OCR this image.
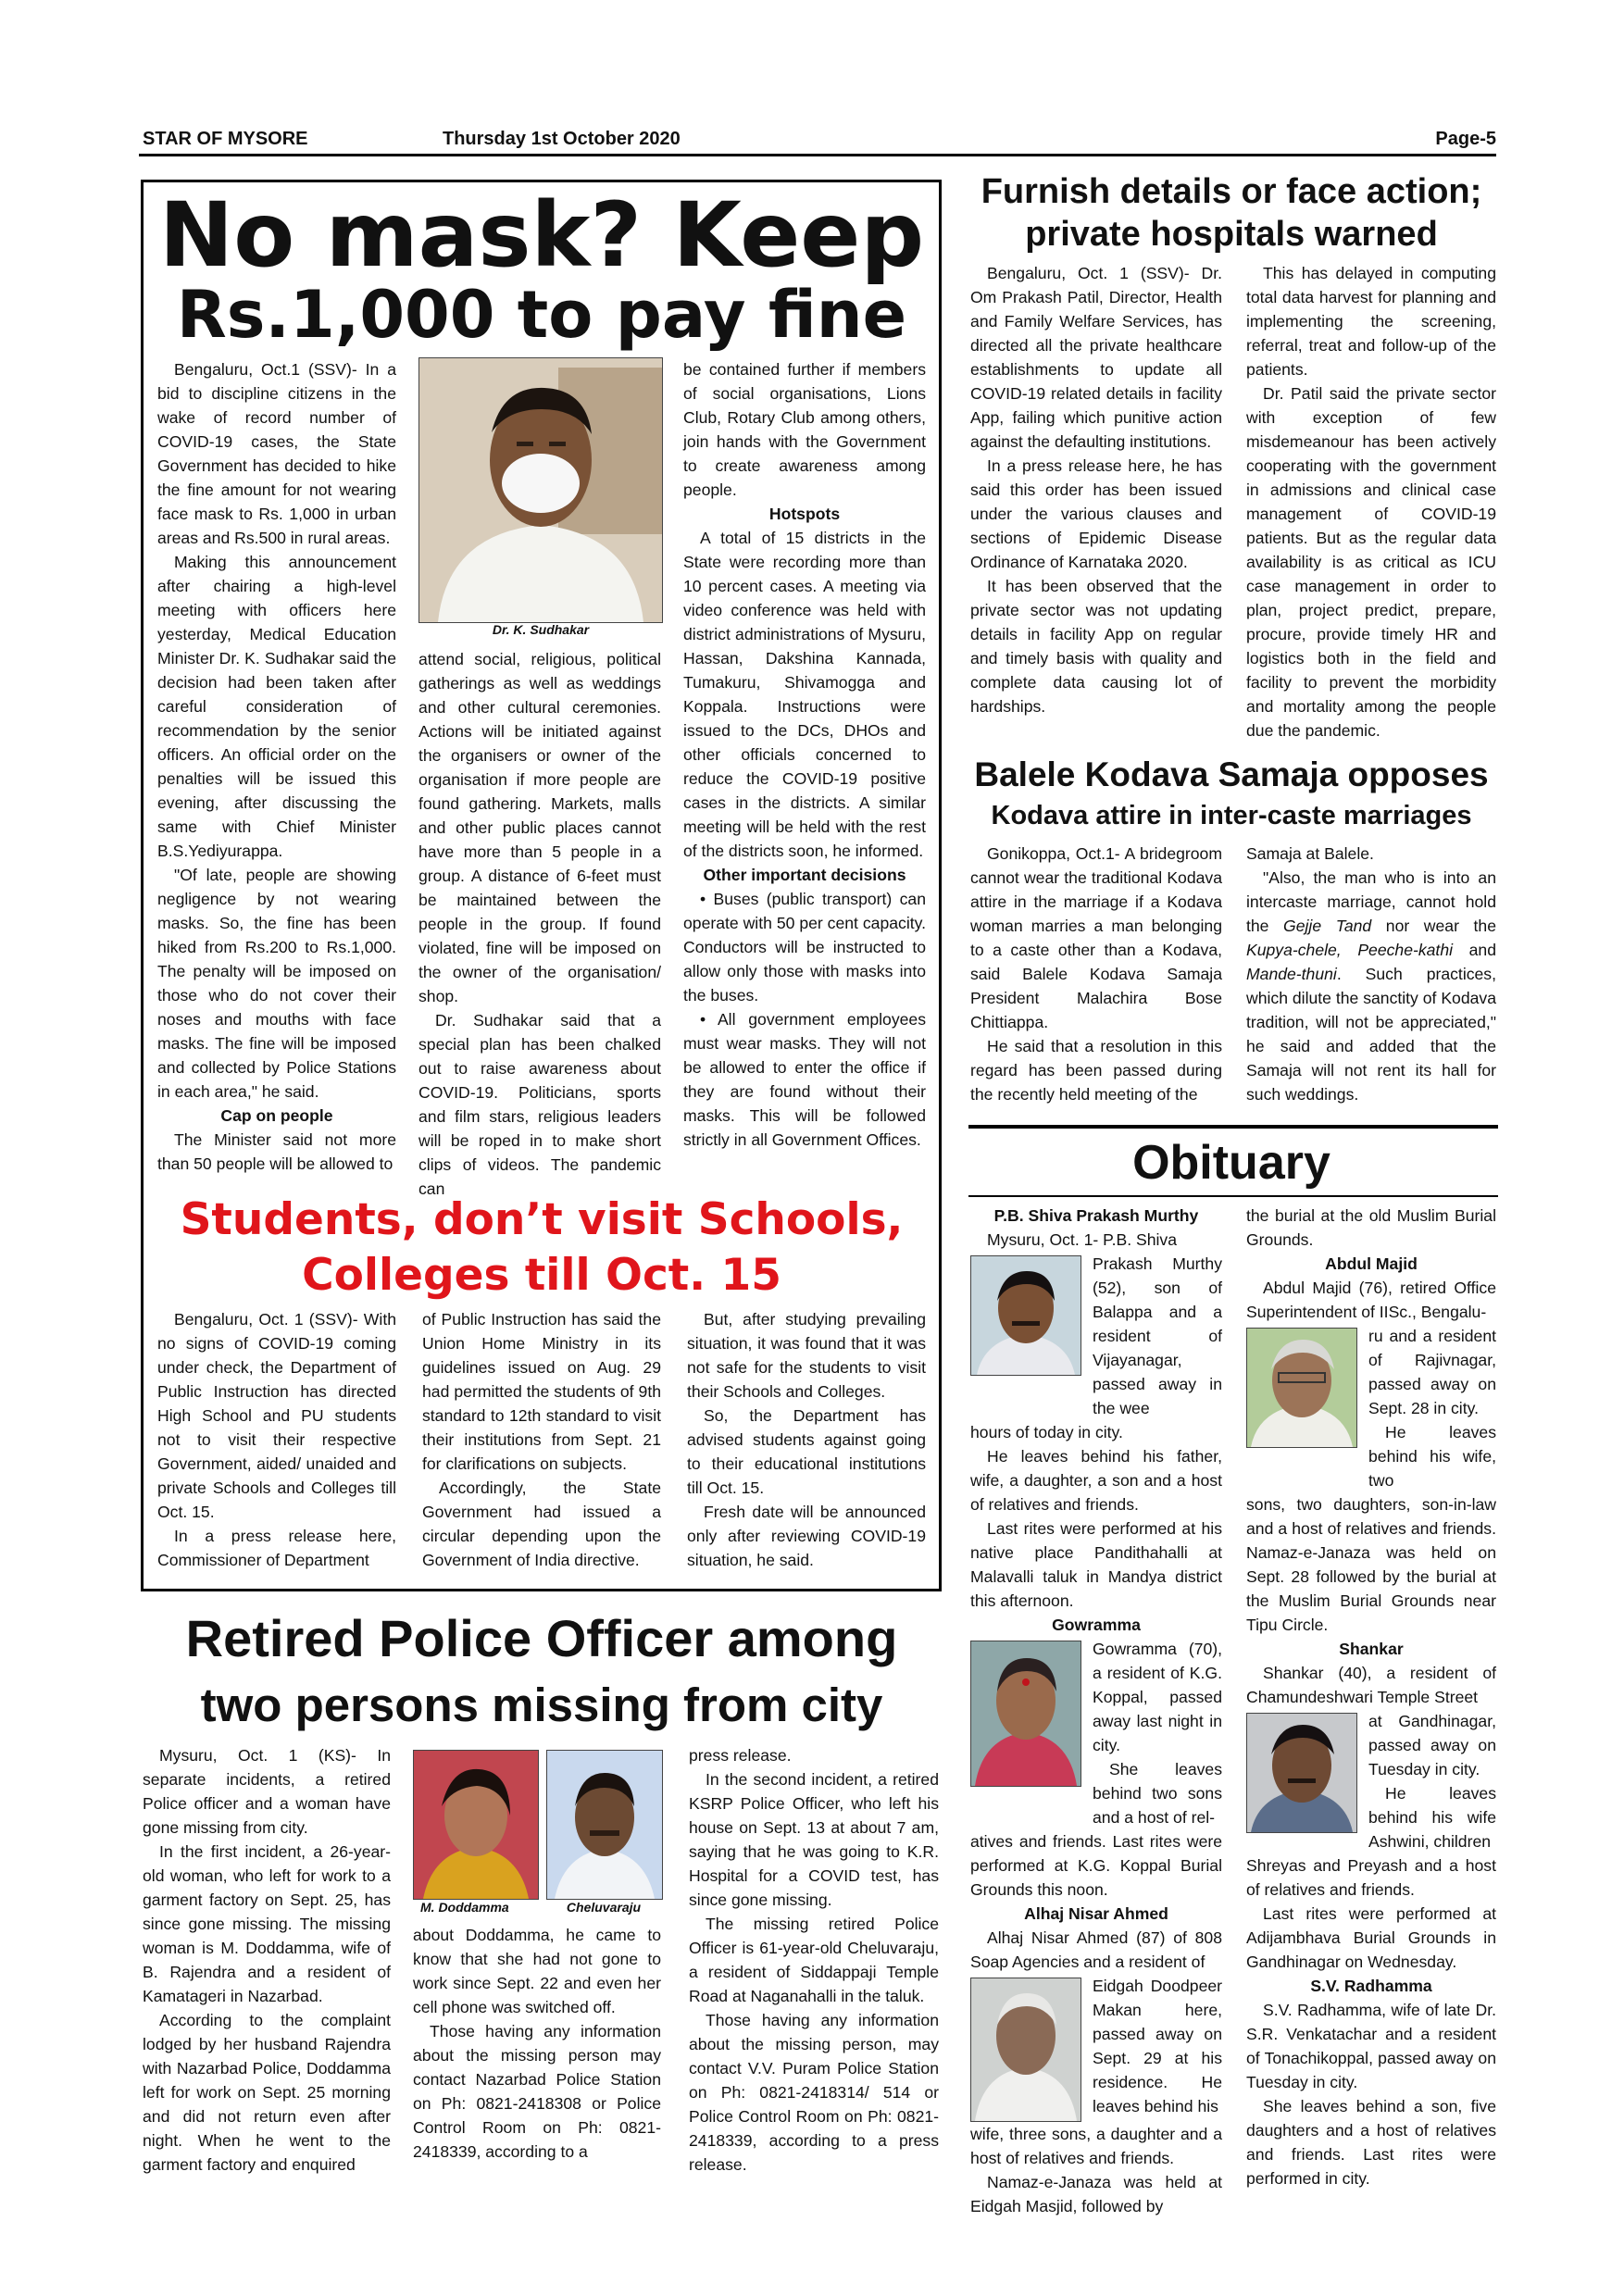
STAR OF MYSORE	Thursday 1st October 2020	Page-5
No mask? Keep
Rs.1,000 to pay fine

Bengaluru, Oct.1 (SSV)- In a bid to discipline citizens in the wake of record number of COVID-19 cases, the State Government has decided to hike the fine amount for not wearing face mask to Rs. 1,000 in urban areas and Rs.500 in rural areas.

Making this announcement after chairing a high-level meeting with officers here yesterday, Medical Education Minister Dr. K. Sudhakar said the decision had been taken after careful consideration of recommendation by the senior officers. An official order on the penalties will be issued this evening, after discussing the same with Chief Minister B.S.Yediyurappa.

"Of late, people are showing negligence by not wearing masks. So, the fine has been hiked from Rs.200 to Rs.1,000. The penalty will be imposed on those who do not cover their noses and mouths with face masks. The fine will be imposed and collected by Police Stations in each area," he said.

Cap on people

The Minister said not more than 50 people will be allowed to

Dr. K. Sudhakar

attend social, religious, political gatherings as well as weddings and other cultural ceremonies. Actions will be initiated against the organisers or owner of the organisation if more people are found gathering. Markets, malls and other public places cannot have more than 5 people in a group. A distance of 6-feet must be maintained between the people in the group. If found violated, fine will be imposed on the owner of the organisation/ shop.

Dr. Sudhakar said that a special plan has been chalked out to raise awareness about COVID-19. Politicians, sports and film stars, religious leaders will be roped in to make short clips of videos. The pandemic can

be contained further if members of social organisations, Lions Club, Rotary Club among others, join hands with the Government to create awareness among people.

Hotspots

A total of 15 districts in the State were recording more than 10 percent cases. A meeting via video conference was held with district administrations of Mysuru, Hassan, Dakshina Kannada, Tumakuru, Shivamogga and Koppala. Instructions were issued to the DCs, DHOs and other officials concerned to reduce the COVID-19 positive cases in the districts. A similar meeting will be held with the rest of the districts soon, he informed.

Other important decisions

• Buses (public transport) can operate with 50 per cent capacity. Conductors will be instructed to allow only those with masks into the buses.

• All government employees must wear masks. They will not be allowed to enter the office if they are found without their masks. This will be followed strictly in all Government Offices.

Students, don’t visit Schools,
Colleges till Oct. 15

Bengaluru, Oct. 1 (SSV)- With no signs of COVID-19 coming under check, the Department of Public Instruction has directed High School and PU students not to visit their respective Government, aided/ unaided and private Schools and Colleges till Oct. 15.

In a press release here, Commissioner of Department

of Public Instruction has said the Union Home Ministry in its guidelines issued on Aug. 29 had permitted the students of 9th standard to 12th standard to visit their institutions from Sept. 21 for clarifications on subjects.

Accordingly, the State Government had issued a circular depending upon the Government of India directive.

But, after studying prevailing situation, it was found that it was not safe for the students to visit their Schools and Colleges.

So, the Department has advised students against going to their educational institutions till Oct. 15.

Fresh date will be announced only after reviewing COVID-19 situation, he said.

Retired Police Officer among
two persons missing from city

Mysuru, Oct. 1 (KS)- In separate incidents, a retired Police officer and a woman have gone missing from city.

In the first incident, a 26-year-old woman, who left for work to a garment factory on Sept. 25, has since gone missing. The missing woman is M. Doddamma, wife of B. Rajendra and a resident of Kamatageri in Nazarbad.

According to the complaint lodged by her husband Rajendra with Nazarbad Police, Doddamma left for work on Sept. 25 morning and did not return even after night. When he went to the garment factory and enquired

M. Doddamma	Cheluvaraju

about Doddamma, he came to know that she had not gone to work since Sept. 22 and even her cell phone was switched off.

Those having any information about the missing person may contact Nazarbad Police Station on Ph: 0821-2418308 or Police Control Room on Ph: 0821-2418339, according to a

press release.

In the second incident, a retired KSRP Police Officer, who left his house on Sept. 13 at about 7 am, saying that he was going to K.R. Hospital for a COVID test, has since gone missing.

The missing retired Police Officer is 61-year-old Cheluvaraju, a resident of Siddappaji Temple Road at Naganahalli in the taluk.

Those having any information about the missing person, may contact V.V. Puram Police Station on Ph: 0821-2418314/ 514 or Police Control Room on Ph: 0821-2418339, according to a press release.

Furnish details or face action;
private hospitals warned

Bengaluru, Oct. 1 (SSV)- Dr. Om Prakash Patil, Director, Health and Family Welfare Services, has directed all the private healthcare establishments to update all COVID-19 related details in facility App, failing which punitive action against the defaulting institutions.

In a press release here, he has said this order has been issued under the various clauses and sections of Epidemic Disease Ordinance of Karnataka 2020.

It has been observed that the private sector was not updating details in facility App on regular and timely basis with quality and complete data causing lot of hardships.

This has delayed in computing total data harvest for planning and implementing the screening, referral, treat and follow-up of the patients.

Dr. Patil said the private sector with exception of few misdemeanour has been actively cooperating with the government in admissions and clinical case management of COVID-19 patients. But as the regular data availability is as critical as ICU case management in order to plan, project predict, prepare, procure, provide timely HR and logistics both in the field and facility to prevent the morbidity and mortality among the people due the pandemic.

Balele Kodava Samaja opposes
Kodava attire in inter-caste marriages

Gonikoppa, Oct.1- A bridegroom cannot wear the traditional Kodava attire in the marriage if a Kodava woman marries a man belonging to a caste other than a Kodava, said Balele Kodava Samaja President Malachira Bose Chittiappa.

He said that a resolution in this regard has been passed during the recently held meeting of the

Samaja at Balele.

"Also, the man who is into an intercaste marriage, cannot hold the Gejje Tand nor wear the Kupya-chele, Peeche-kathi and Mande-thuni. Such practices, which dilute the sanctity of Kodava tradition, will not be appreciated," he said and added that the Samaja will not rent its hall for such weddings.

Obituary

P.B. Shiva Prakash Murthy

Mysuru, Oct. 1- P.B. Shiva

Prakash Murthy (52), son of Balappa and a resident of Vijayanagar, passed away in the wee

hours of today in city.

He leaves behind his father, wife, a daughter, a son and a host of relatives and friends.

Last rites were performed at his native place Pandithahalli at Malavalli taluk in Mandya district this afternoon.

Gowramma

Gowramma (70), a resident of K.G. Koppal, passed away last night in city.
She leaves behind two sons and a host of rel-

atives and friends. Last rites were performed at K.G. Koppal Burial Grounds this noon.

Alhaj Nisar Ahmed

Alhaj Nisar Ahmed (87) of 808 Soap Agencies and a resident of

Eidgah Doodpeer Makan here, passed away on Sept. 29 at his residence. He leaves behind his

wife, three sons, a daughter and a host of relatives and friends.

Namaz-e-Janaza was held at Eidgah Masjid, followed by

the burial at the old Muslim Burial Grounds.

Abdul Majid

Abdul Majid (76), retired Office Superintendent of IISc., Bengalu-

ru and a resident of Rajivnagar, passed away on Sept. 28 in city.
He leaves behind his wife, two

sons, two daughters, son-in-law and a host of relatives and friends. Namaz-e-Janaza was held on Sept. 28 followed by the burial at the Muslim Burial Grounds near Tipu Circle.

Shankar

Shankar (40), a resident of Chamundeshwari Temple Street

at Gandhinagar, passed away on Tuesday in city.
He leaves behind his wife Ashwini, children

Shreyas and Preyash and a host of relatives and friends.

Last rites were performed at Adijambhava Burial Grounds in Gandhinagar on Wednesday.

S.V. Radhamma

S.V. Radhamma, wife of late Dr. S.R. Venkatachar and a resident of Tonachikoppal, passed away on Tuesday in city.

She leaves behind a son, five daughters and a host of relatives and friends. Last rites were performed in city.
